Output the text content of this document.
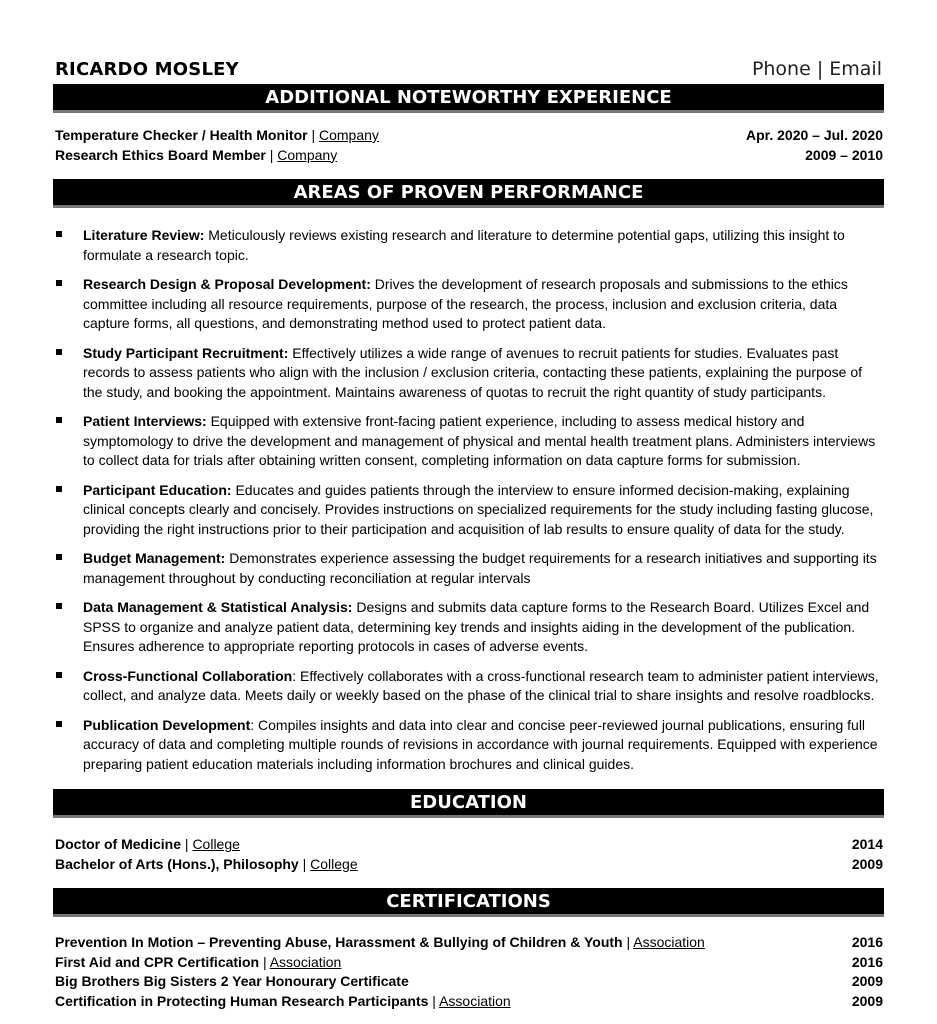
RICARDO MOSLEY	Phone | Email
ADDITIONAL NOTEWORTHY EXPERIENCE
Temperature Checker / Health Monitor | Company	Apr. 2020 – Jul. 2020
Research Ethics Board Member | Company	2009 – 2010
AREAS OF PROVEN PERFORMANCE
Literature Review: Meticulously reviews existing research and literature to determine potential gaps, utilizing this insight to formulate a research topic.
Research Design & Proposal Development: Drives the development of research proposals and submissions to the ethics committee including all resource requirements, purpose of the research, the process, inclusion and exclusion criteria, data capture forms, all questions, and demonstrating method used to protect patient data.
Study Participant Recruitment: Effectively utilizes a wide range of avenues to recruit patients for studies. Evaluates past records to assess patients who align with the inclusion / exclusion criteria, contacting these patients, explaining the purpose of the study, and booking the appointment. Maintains awareness of quotas to recruit the right quantity of study participants.
Patient Interviews: Equipped with extensive front-facing patient experience, including to assess medical history and symptomology to drive the development and management of physical and mental health treatment plans. Administers interviews to collect data for trials after obtaining written consent, completing information on data capture forms for submission.
Participant Education: Educates and guides patients through the interview to ensure informed decision-making, explaining clinical concepts clearly and concisely. Provides instructions on specialized requirements for the study including fasting glucose, providing the right instructions prior to their participation and acquisition of lab results to ensure quality of data for the study.
Budget Management: Demonstrates experience assessing the budget requirements for a research initiatives and supporting its management throughout by conducting reconciliation at regular intervals
Data Management & Statistical Analysis: Designs and submits data capture forms to the Research Board. Utilizes Excel and SPSS to organize and analyze patient data, determining key trends and insights aiding in the development of the publication. Ensures adherence to appropriate reporting protocols in cases of adverse events.
Cross-Functional Collaboration: Effectively collaborates with a cross-functional research team to administer patient interviews, collect, and analyze data. Meets daily or weekly based on the phase of the clinical trial to share insights and resolve roadblocks.
Publication Development: Compiles insights and data into clear and concise peer-reviewed journal publications, ensuring full accuracy of data and completing multiple rounds of revisions in accordance with journal requirements. Equipped with experience preparing patient education materials including information brochures and clinical guides.
EDUCATION
Doctor of Medicine | College	2014
Bachelor of Arts (Hons.), Philosophy | College	2009
CERTIFICATIONS
Prevention In Motion – Preventing Abuse, Harassment & Bullying of Children & Youth | Association	2016
First Aid and CPR Certification | Association	2016
Big Brothers Big Sisters 2 Year Honourary Certificate	2009
Certification in Protecting Human Research Participants | Association	2009
